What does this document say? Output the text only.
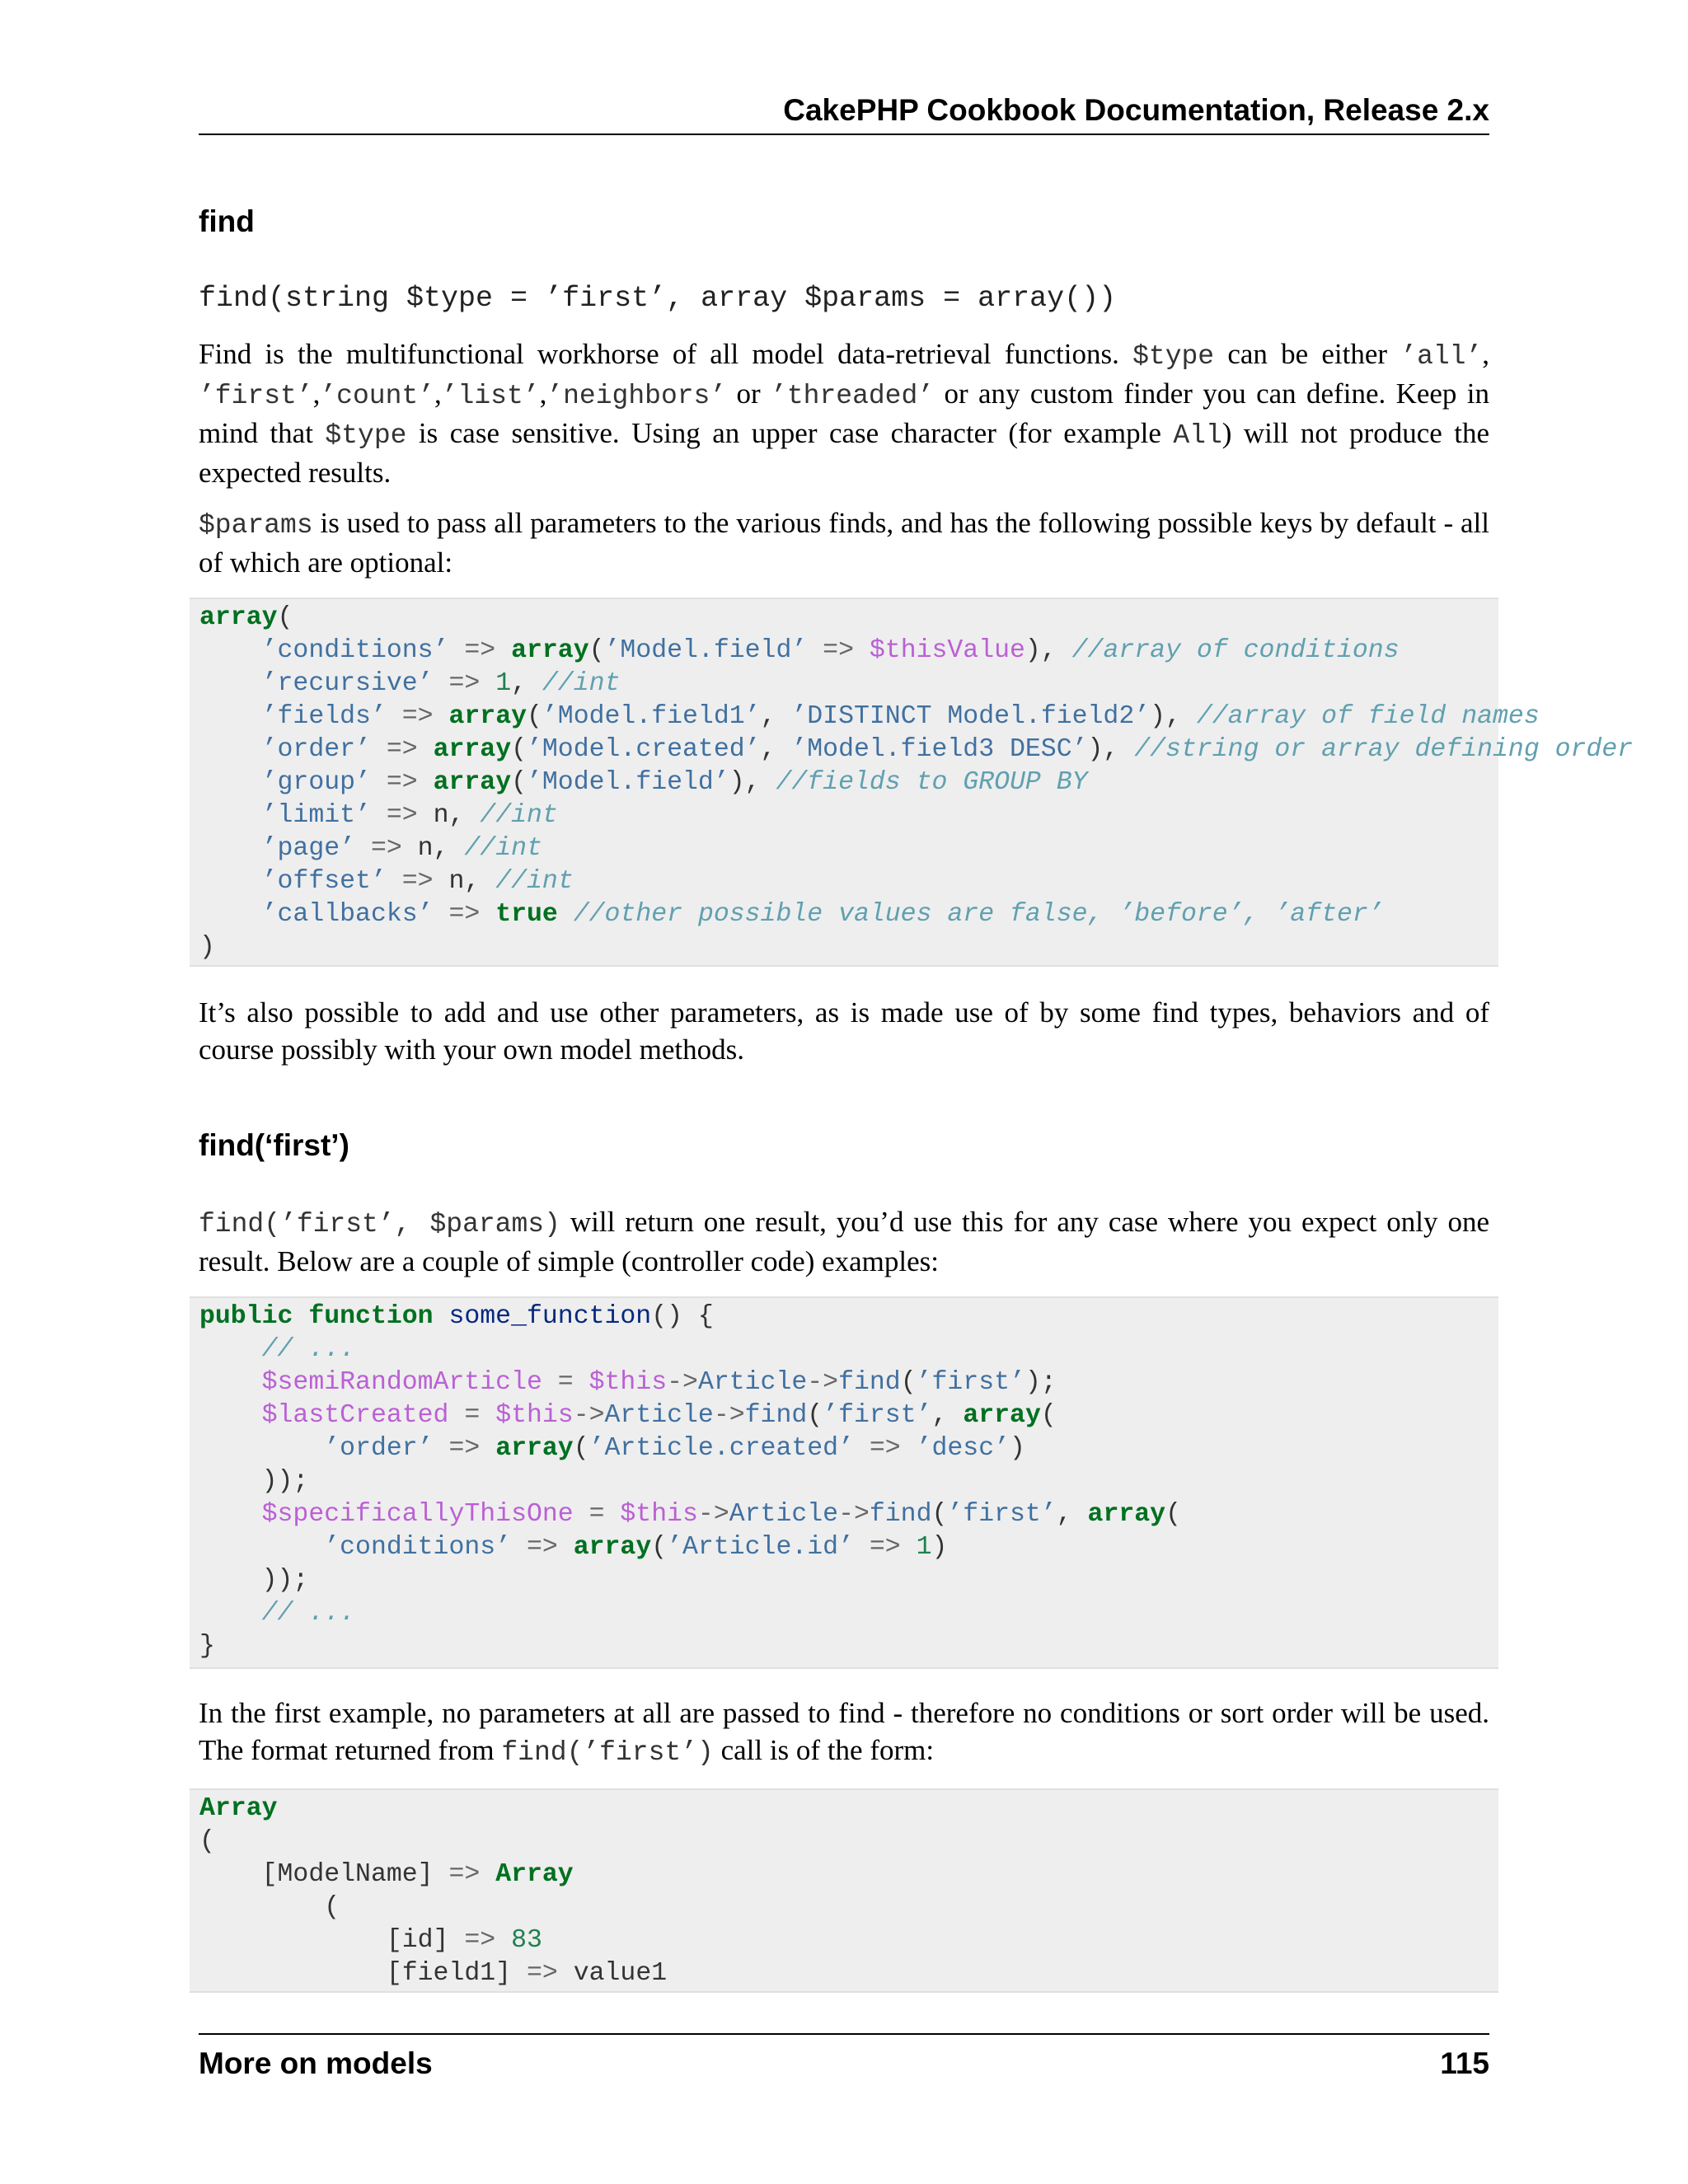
CakePHP Cookbook Documentation, Release 2.x
find
find(string $type = ’first’, array $params = array())
Find is the multifunctional workhorse of all model data-retrieval functions. $type can be either ’all’, ’first’,’count’,’list’,’neighbors’ or ’threaded’ or any custom finder you can define. Keep in mind that $type is case sensitive. Using an upper case character (for example All) will not produce the expected results.
$params is used to pass all parameters to the various finds, and has the following possible keys by default - all of which are optional:
array(
’conditions’ => array(’Model.field’ => $thisValue), //array of conditions
’recursive’ => 1, //int
’fields’ => array(’Model.field1’, ’DISTINCT Model.field2’), //array of field names
’order’ => array(’Model.created’, ’Model.field3 DESC’), //string or array defining order
’group’ => array(’Model.field’), //fields to GROUP BY
’limit’ => n, //int
’page’ => n, //int
’offset’ => n, //int
’callbacks’ => true //other possible values are false, ’before’, ’after’
)
It’s also possible to add and use other parameters, as is made use of by some find types, behaviors and of course possibly with your own model methods.
find(‘first’)
find(’first’, $params) will return one result, you’d use this for any case where you expect only one result. Below are a couple of simple (controller code) examples:
public function some_function() {
// ...
$semiRandomArticle = $this->Article->find(’first’);
$lastCreated = $this->Article->find(’first’, array(
’order’ => array(’Article.created’ => ’desc’)
));
$specificallyThisOne = $this->Article->find(’first’, array(
’conditions’ => array(’Article.id’ => 1)
));
// ...
}
In the first example, no parameters at all are passed to find - therefore no conditions or sort order will be used. The format returned from find(’first’) call is of the form:
Array
(
[ModelName] => Array
(
[id] => 83
[field1] => value1
More on models	115
